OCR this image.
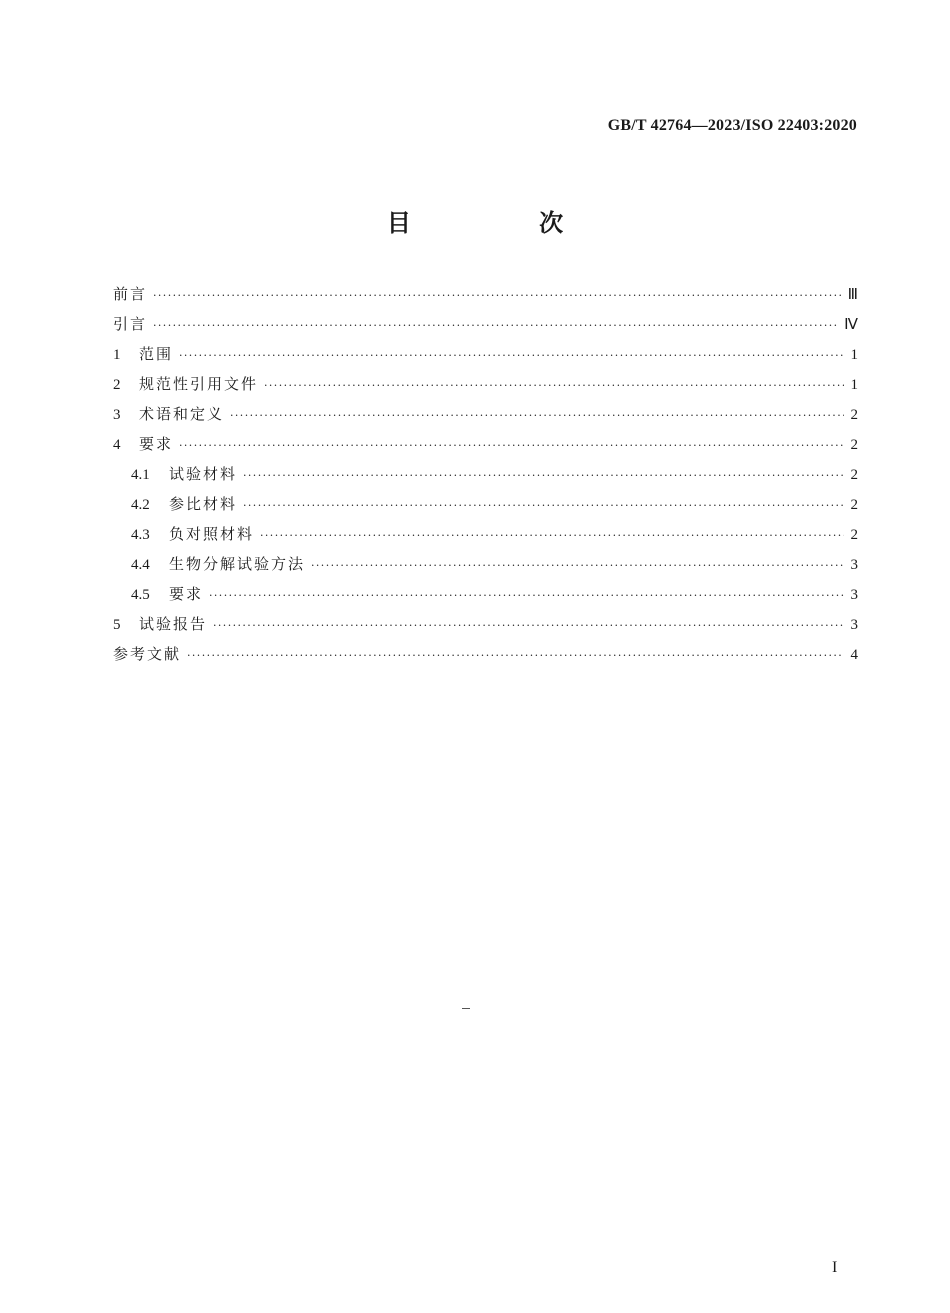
GB/T 42764—2023/ISO 22403:2020
目 次
前言 ·····	Ⅲ
引言 ·····	Ⅳ
1	范围 ·····	1
2	规范性引用文件 ·····	1
3	术语和定义 ·····	2
4	要求 ·····	2
4.1	试验材料 ·····	2
4.2	参比材料 ·····	2
4.3	负对照材料 ·····	2
4.4	生物分解试验方法 ·····	3
4.5	要求 ·····	3
5	试验报告 ·····	3
参考文献 ·····	4
I
